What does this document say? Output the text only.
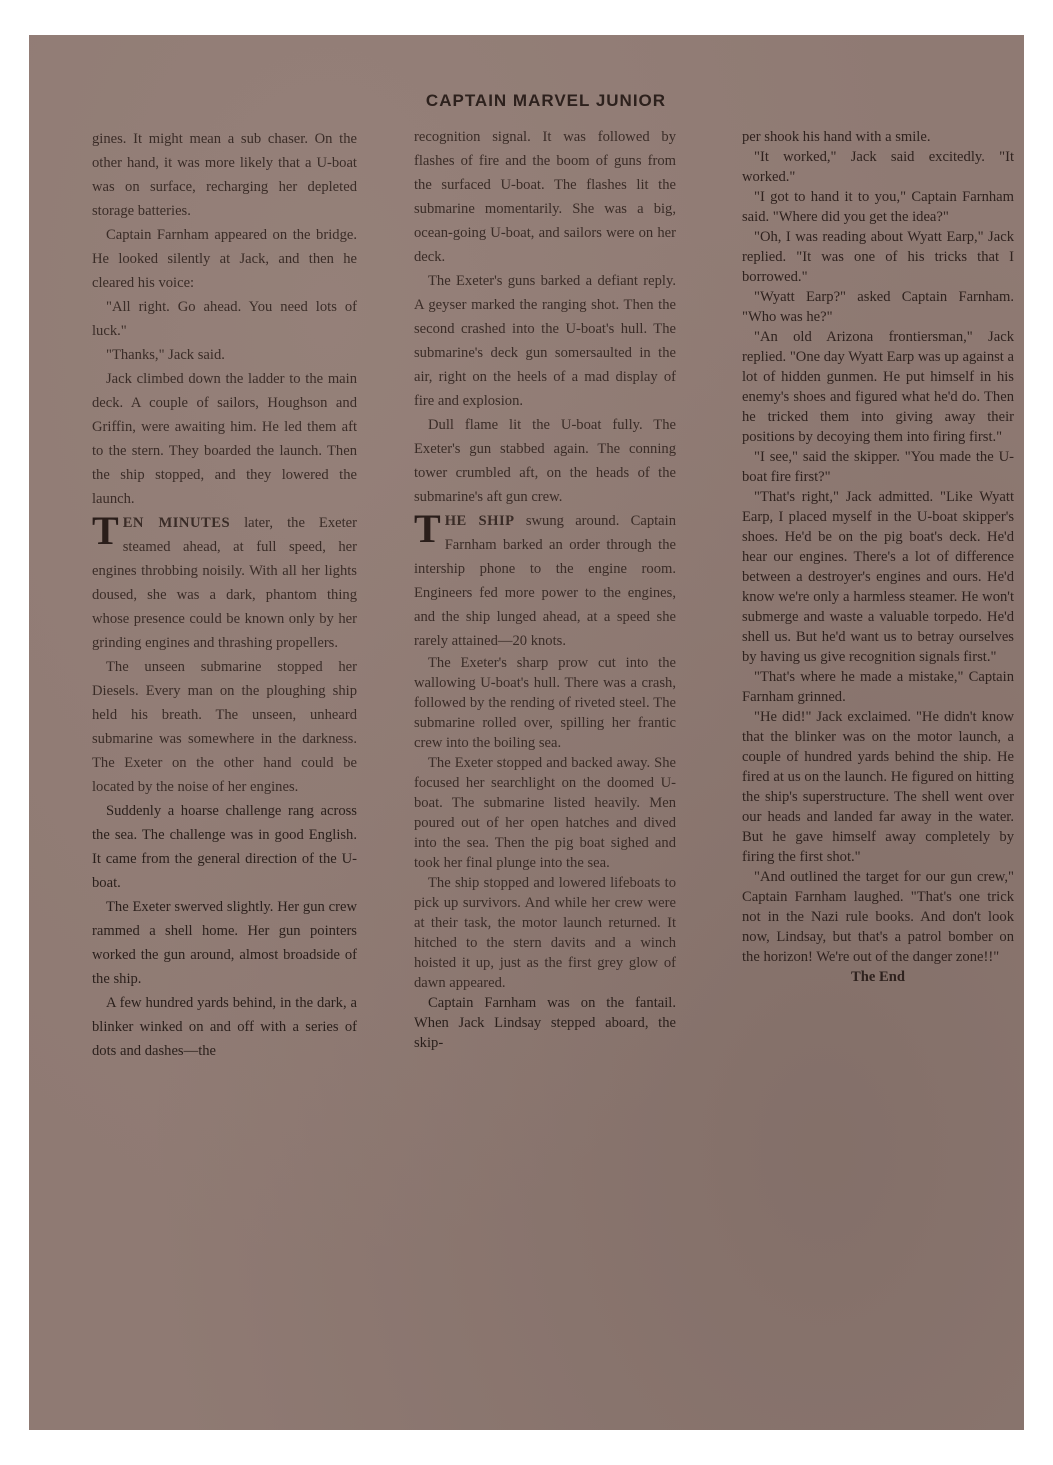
CAPTAIN MARVEL JUNIOR

gines. It might mean a sub chaser. On the other hand, it was more likely that a U-boat was on surface, recharging her depleted storage batteries.

Captain Farnham appeared on the bridge. He looked silently at Jack, and then he cleared his voice:

"All right. Go ahead. You need lots of luck."

"Thanks," Jack said.

Jack climbed down the ladder to the main deck. A couple of sailors, Houghson and Griffin, were awaiting him. He led them aft to the stern. They boarded the launch. Then the ship stopped, and they lowered the launch.

TEN MINUTES later, the Exeter steamed ahead, at full speed, her engines throbbing noisily. With all her lights doused, she was a dark, phantom thing whose presence could be known only by her grinding engines and thrashing propellers.

The unseen submarine stopped her Diesels. Every man on the ploughing ship held his breath. The unseen, unheard submarine was somewhere in the darkness. The Exeter on the other hand could be located by the noise of her engines.

Suddenly a hoarse challenge rang across the sea. The challenge was in good English. It came from the general direction of the U-boat.

The Exeter swerved slightly. Her gun crew rammed a shell home. Her gun pointers worked the gun around, almost broadside of the ship.

A few hundred yards behind, in the dark, a blinker winked on and off with a series of dots and dashes—the

recognition signal. It was followed by flashes of fire and the boom of guns from the surfaced U-boat. The flashes lit the submarine momentarily. She was a big, ocean-going U-boat, and sailors were on her deck.

The Exeter's guns barked a defiant reply. A geyser marked the ranging shot. Then the second crashed into the U-boat's hull. The submarine's deck gun somersaulted in the air, right on the heels of a mad display of fire and explosion.

Dull flame lit the U-boat fully. The Exeter's gun stabbed again. The conning tower crumbled aft, on the heads of the submarine's aft gun crew.

THE SHIP swung around. Captain Farnham barked an order through the intership phone to the engine room. Engineers fed more power to the engines, and the ship lunged ahead, at a speed she rarely attained—20 knots.

The Exeter's sharp prow cut into the wallowing U-boat's hull. There was a crash, followed by the rending of riveted steel. The submarine rolled over, spilling her frantic crew into the boiling sea.

The Exeter stopped and backed away. She focused her searchlight on the doomed U-boat. The submarine listed heavily. Men poured out of her open hatches and dived into the sea. Then the pig boat sighed and took her final plunge into the sea.

The ship stopped and lowered lifeboats to pick up survivors. And while her crew were at their task, the motor launch returned. It hitched to the stern davits and a winch hoisted it up, just as the first grey glow of dawn appeared.

Captain Farnham was on the fantail. When Jack Lindsay stepped aboard, the skip-

per shook his hand with a smile.

"It worked," Jack said excitedly. "It worked."

"I got to hand it to you," Captain Farnham said. "Where did you get the idea?"

"Oh, I was reading about Wyatt Earp," Jack replied. "It was one of his tricks that I borrowed."

"Wyatt Earp?" asked Captain Farnham. "Who was he?"

"An old Arizona frontiersman," Jack replied. "One day Wyatt Earp was up against a lot of hidden gunmen. He put himself in his enemy's shoes and figured what he'd do. Then he tricked them into giving away their positions by decoying them into firing first."

"I see," said the skipper. "You made the U-boat fire first?"

"That's right," Jack admitted. "Like Wyatt Earp, I placed myself in the U-boat skipper's shoes. He'd be on the pig boat's deck. He'd hear our engines. There's a lot of difference between a destroyer's engines and ours. He'd know we're only a harmless steamer. He won't submerge and waste a valuable torpedo. He'd shell us. But he'd want us to betray ourselves by having us give recognition signals first."

"That's where he made a mistake," Captain Farnham grinned.

"He did!" Jack exclaimed. "He didn't know that the blinker was on the motor launch, a couple of hundred yards behind the ship. He fired at us on the launch. He figured on hitting the ship's superstructure. The shell went over our heads and landed far away in the water. But he gave himself away completely by firing the first shot."

"And outlined the target for our gun crew," Captain Farnham laughed. "That's one trick not in the Nazi rule books. And don't look now, Lindsay, but that's a patrol bomber on the horizon! We're out of the danger zone!!"

The End
